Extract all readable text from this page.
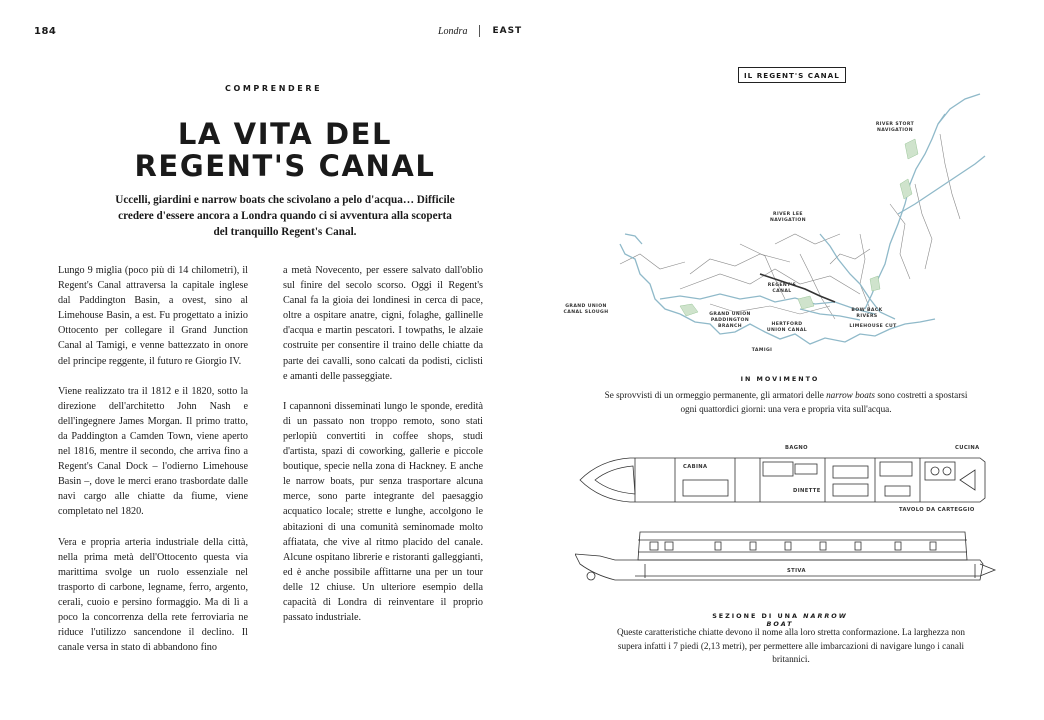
184	Londra	EAST
COMPRENDERE
LA VITA DEL
REGENT'S CANAL
Uccelli, giardini e narrow boats che scivolano a pelo d'acqua… Difficile credere d'essere ancora a Londra quando ci si avventura alla scoperta del tranquillo Regent's Canal.

Lungo 9 miglia (poco più di 14 chilometri), il Regent's Canal attraversa la capitale inglese dal Paddington Basin, a ovest, sino al Limehouse Basin, a est. Fu progettato a inizio Ottocento per collegare il Grand Junction Canal al Tamigi, e venne battezzato in onore del principe reggente, il futuro re Giorgio IV.

Viene realizzato tra il 1812 e il 1820, sotto la direzione dell'architetto John Nash e dell'ingegnere James Morgan. Il primo tratto, da Paddington a Camden Town, viene aperto nel 1816, mentre il secondo, che arriva fino a Regent's Canal Dock – l'odierno Limehouse Basin –, dove le merci erano trasbordate dalle navi cargo alle chiatte da fiume, viene completato nel 1820.

Vera e propria arteria industriale della città, nella prima metà dell'Ottocento questa via marittima svolge un ruolo essenziale nel trasporto di carbone, legname, ferro, argento, cerali, cuoio e persino formaggio. Ma di lì a poco la concorrenza della rete ferroviaria ne riduce l'utilizzo sancendone il declino. Il canale versa in stato di abbandono fino

a metà Novecento, per essere salvato dall'oblio sul finire del secolo scorso. Oggi il Regent's Canal fa la gioia dei londinesi in cerca di pace, oltre a ospitare anatre, cigni, folaghe, gallinelle d'acqua e martin pescatori. I towpaths, le alzaie costruite per consentire il traino delle chiatte da parte dei cavalli, sono calcati da podisti, ciclisti e amanti delle passeggiate.

I capannoni disseminati lungo le sponde, eredità di un passato non troppo remoto, sono stati perlopiù convertiti in coffee shops, studi d'artista, spazi di coworking, gallerie e piccole boutique, specie nella zona di Hackney. E anche le narrow boats, pur senza trasportare alcuna merce, sono parte integrante del paesaggio acquatico locale; strette e lunghe, accolgono le abitazioni di una comunità seminomade molto affiatata, che vive al ritmo placido del canale. Alcune ospitano librerie e ristoranti galleggianti, ed è anche possibile affittarne una per un tour delle 12 chiuse. Un ulteriore esempio della capacità di Londra di reinventare il proprio passato industriale.

IL REGENT'S CANAL
RIVER STORT NAVIGATION
RIVER LEE NAVIGATION
REGENT'S CANAL
GRAND UNION CANAL SLOUGH	GRAND UNION PADDINGTON BRANCH	HERTFORD UNION CANAL
BOW BACK RIVERS
LIMEHOUSE CUT
TAMIGI
IN MOVIMENTO
Se sprovvisti di un ormeggio permanente, gli armatori delle narrow boats sono costretti a spostarsi ogni quattordici giorni: una vera e propria vita sull'acqua.
BAGNO	CUCINA
CABINA
DINETTE
TAVOLO DA CARTEGGIO
STIVA
SEZIONE DI UNA NARROW BOAT
Queste caratteristiche chiatte devono il nome alla loro stretta conformazione. La larghezza non supera infatti i 7 piedi (2,13 metri), per permettere alle imbarcazioni di navigare lungo i canali britannici.
